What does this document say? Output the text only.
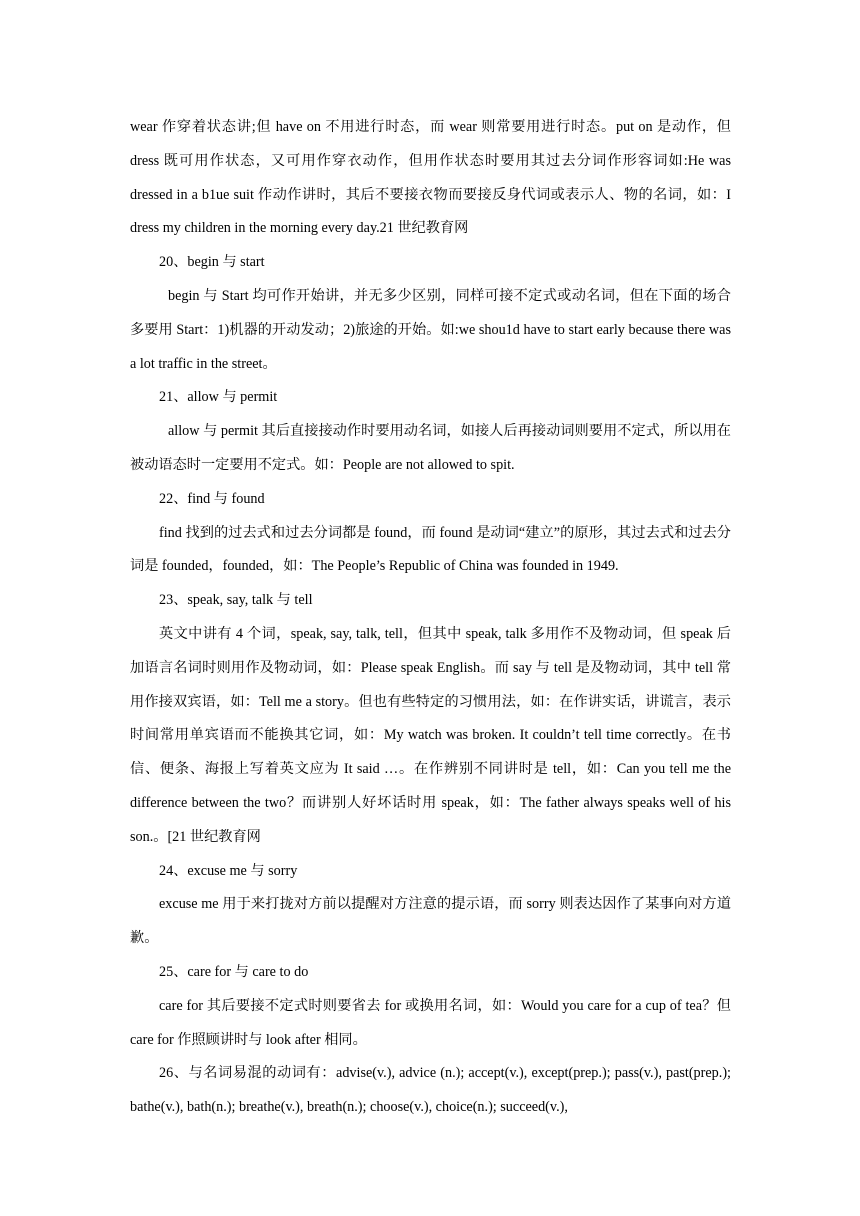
wear 作穿着状态讲;但 have on 不用进行时态，而 wear 则常要用进行时态。put on 是动作，但 dress 既可用作状态，又可用作穿衣动作，但用作状态时要用其过去分词作形容词如:He was dressed in a b1ue suit 作动作讲时，其后不要接衣物而要接反身代词或表示人、物的名词，如：I dress my children in the morning every day.21 世纪教育网

20、begin 与 start

begin 与 Start 均可作开始讲，并无多少区别，同样可接不定式或动名词，但在下面的场合多要用 Start：1)机器的开动发动；2)旅途的开始。如:we shou1d have to start early because there was a lot traffic in the street。

21、allow 与 permit

allow 与 permit 其后直接接动作时要用动名词，如接人后再接动词则要用不定式，所以用在被动语态时一定要用不定式。如：People are not allowed to spit.

22、find 与 found

find 找到的过去式和过去分词都是 found，而 found 是动词“建立”的原形，其过去式和过去分词是 founded，founded，如：The People’s Republic of China was founded in 1949.

23、speak, say, talk 与 tell

英文中讲有 4 个词，speak, say, talk, tell，但其中 speak, talk 多用作不及物动词，但 speak 后加语言名词时则用作及物动词，如：Please speak English。而 say 与 tell 是及物动词，其中 tell 常用作接双宾语，如：Tell me a story。但也有些特定的习惯用法，如：在作讲实话，讲谎言，表示时间常用单宾语而不能换其它词，如：My watch was broken. It couldn’t tell time correctly。在书信、便条、海报上写着英文应为 It said …。在作辨别不同讲时是 tell，如：Can you tell me the difference between the two？而讲别人好坏话时用 speak，如：The father always speaks well of his son.。[21 世纪教育网

24、excuse me 与 sorry

excuse me 用于来打拢对方前以提醒对方注意的提示语，而 sorry 则表达因作了某事向对方道歉。

25、care for 与 care to do

care for 其后要接不定式时则要省去 for 或换用名词，如：Would you care for a cup of tea？但 care for 作照顾讲时与 look after 相同。

26、与名词易混的动词有：advise(v.), advice (n.); accept(v.), except(prep.); pass(v.), past(prep.); bathe(v.), bath(n.); breathe(v.), breath(n.); choose(v.), choice(n.); succeed(v.),
